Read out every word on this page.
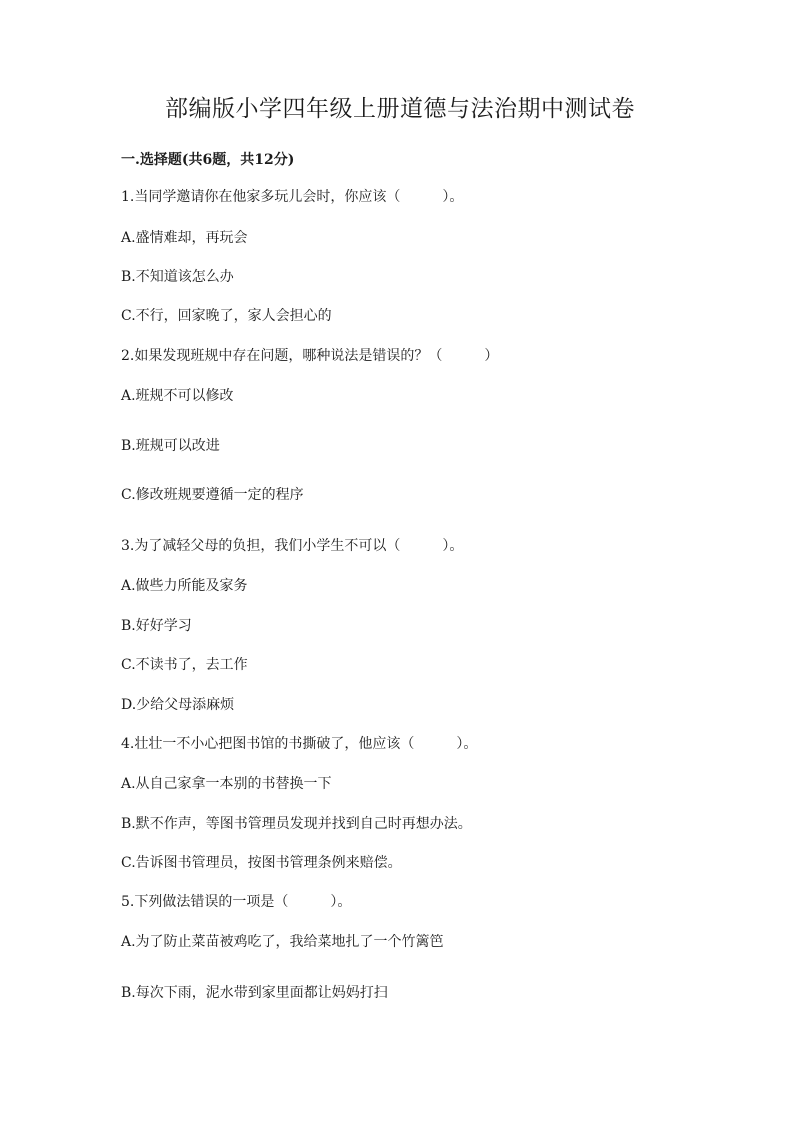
部编版小学四年级上册道德与法治期中测试卷
一.选择题(共6题，共12分)
1.当同学邀请你在他家多玩儿会时，你应该（　　　）。
A.盛情难却，再玩会
B.不知道该怎么办
C.不行，回家晚了，家人会担心的
2.如果发现班规中存在问题，哪种说法是错误的？（　　　）
A.班规不可以修改
B.班规可以改进
C.修改班规要遵循一定的程序
3.为了减轻父母的负担，我们小学生不可以（　　　）。
A.做些力所能及家务
B.好好学习
C.不读书了，去工作
D.少给父母添麻烦
4.壮壮一不小心把图书馆的书撕破了，他应该（　　　）。
A.从自己家拿一本别的书替换一下
B.默不作声，等图书管理员发现并找到自己时再想办法。
C.告诉图书管理员，按图书管理条例来赔偿。
5.下列做法错误的一项是（　　　）。
A.为了防止菜苗被鸡吃了，我给菜地扎了一个竹篱笆
B.每次下雨，泥水带到家里面都让妈妈打扫
